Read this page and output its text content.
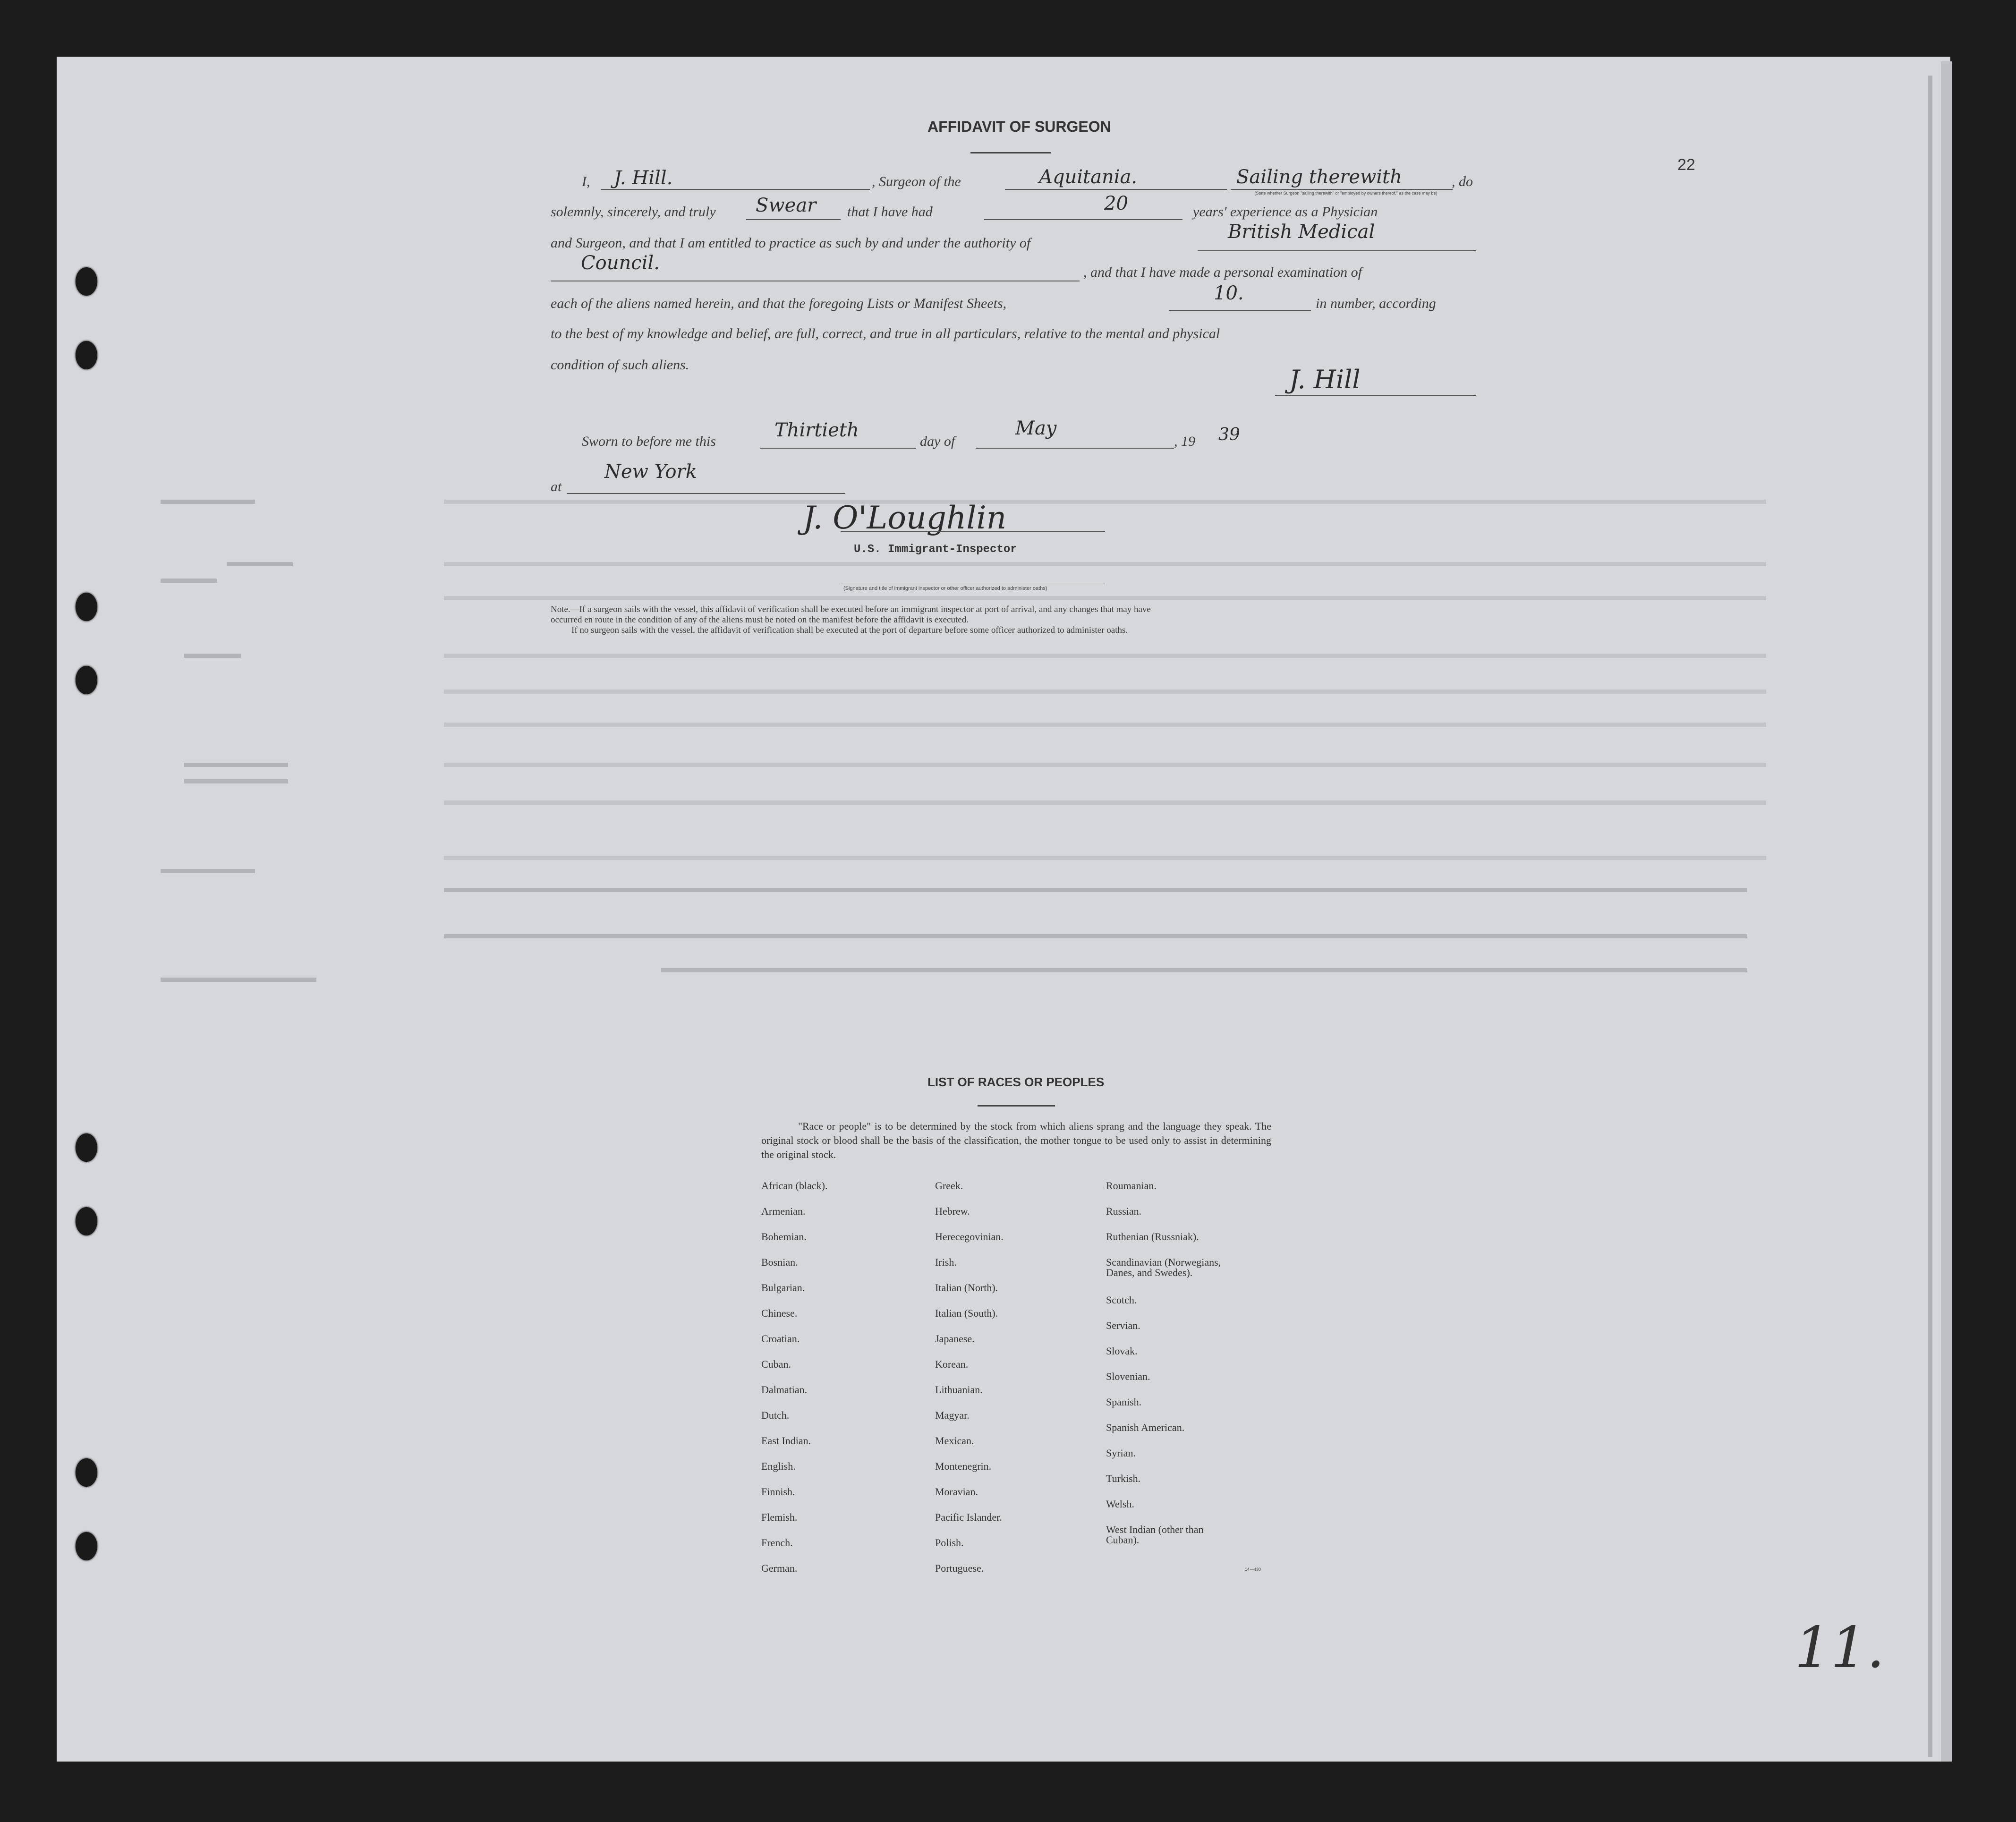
AFFIDAVIT OF SURGEON
22
I, J. Hill.	, Surgeon of the	Aquitania.	Sailing therewith	, do
(State whether Surgeon "sailing therewith" or "employed by owners thereof," as the case may be)
solemnly, sincerely, and truly Swear that I have had	20	years' experience as a Physician
and Surgeon, and that I am entitled to practice as such by and under the authority of
British Medical
Council.	, and that I have made a personal examination of
each of the aliens named herein, and that the foregoing Lists or Manifest Sheets,	10.	in number, according
to the best of my knowledge and belief, are full, correct, and true in all particulars, relative to the mental and physical
condition of such aliens.	J. Hill
Sworn to before me this
Thirtieth
day of
May
, 19 39
at
New York
J. O'Loughlin
U.S. Immigrant-Inspector
(Signature and title of immigrant inspector or other officer authorized to administer oaths)
Note.—If a surgeon sails with the vessel, this affidavit of verification shall be executed before an immigrant inspector at port of arrival, and any changes that may have
occurred en route in the condition of any of the aliens must be noted on the manifest before the affidavit is executed.
If no surgeon sails with the vessel, the affidavit of verification shall be executed at the port of departure before some officer authorized to administer oaths.
LIST OF RACES OR PEOPLES
"Race or people" is to be determined by the stock from which aliens sprang and the language they speak. The original stock or blood shall be the basis of the classification, the mother tongue to be used only to assist in determining the original stock.
African (black).
Armenian.
Bohemian.
Bosnian.
Bulgarian.
Chinese.
Croatian.
Cuban.
Dalmatian.
Dutch.
East Indian.
English.
Finnish.
Flemish.
French.
German.
Greek.
Hebrew.
Herecegovinian.
Irish.
Italian (North).
Italian (South).
Japanese.
Korean.
Lithuanian.
Magyar.
Mexican.
Montenegrin.
Moravian.
Pacific Islander.
Polish.
Portuguese.
Roumanian.
Russian.
Ruthenian (Russniak).
Scandinavian (Norwegians,
Danes, and Swedes).
Scotch.
Servian.
Slovak.
Slovenian.
Spanish.
Spanish American.
Syrian.
Turkish.
Welsh.
West Indian (other than
Cuban).
14—430
11.
